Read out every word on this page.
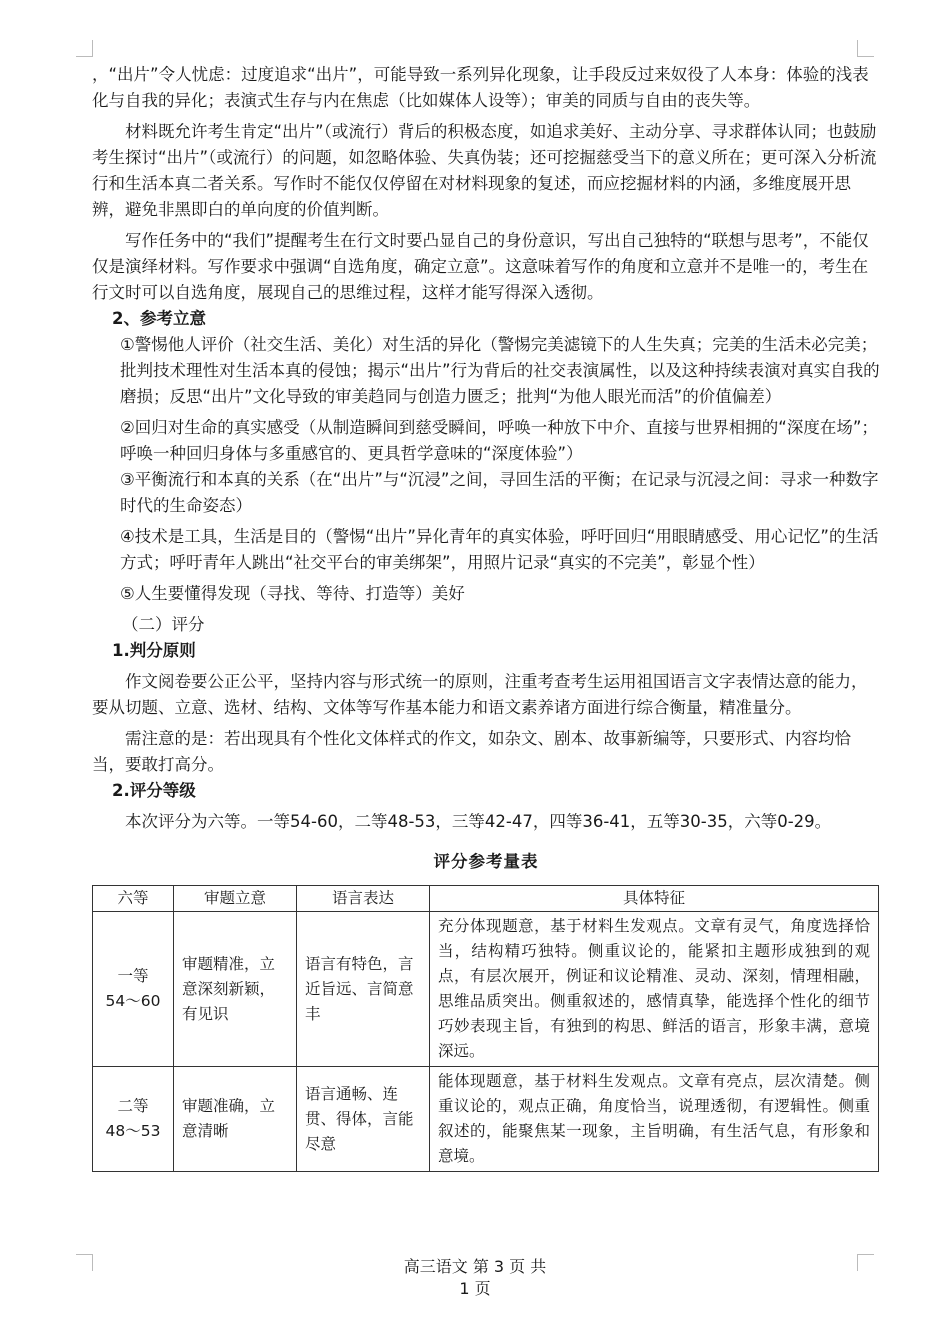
，“出片”令人忧虑：过度追求“出片”，可能导致一系列异化现象，让手段反过来奴役了人本身：体验的浅表化与自我的异化；表演式生存与内在焦虑（比如媒体人设等）；审美的同质与自由的丧失等。

材料既允许考生肯定“出片”（或流行）背后的积极态度，如追求美好、主动分享、寻求群体认同；也鼓励考生探讨“出片”（或流行）的问题，如忽略体验、失真伪装；还可挖掘慈受当下的意义所在；更可深入分析流行和生活本真二者关系。写作时不能仅仅停留在对材料现象的复述，而应挖掘材料的内涵，多维度展开思辨，避免非黑即白的单向度的价值判断。

写作任务中的“我们”提醒考生在行文时要凸显自己的身份意识，写出自己独特的“联想与思考”，不能仅仅是演绎材料。写作要求中强调“自选角度，确定立意”。这意味着写作的角度和立意并不是唯一的，考生在行文时可以自选角度，展现自己的思维过程，这样才能写得深入透彻。

2、参考立意

①警惕他人评价（社交生活、美化）对生活的异化（警惕完美滤镜下的人生失真；完美的生活未必完美；批判技术理性对生活本真的侵蚀；揭示“出片”行为背后的社交表演属性，以及这种持续表演对真实自我的磨损；反思“出片”文化导致的审美趋同与创造力匮乏；批判“为他人眼光而活”的价值偏差）

②回归对生命的真实感受（从制造瞬间到慈受瞬间，呼唤一种放下中介、直接与世界相拥的“深度在场”；呼唤一种回归身体与多重感官的、更具哲学意味的“深度体验”）

③平衡流行和本真的关系（在“出片”与“沉浸”之间，寻回生活的平衡；在记录与沉浸之间：寻求一种数字时代的生命姿态）

④技术是工具，生活是目的（警惕“出片”异化青年的真实体验，呼吁回归“用眼睛感受、用心记忆”的生活方式；呼吁青年人跳出“社交平台的审美绑架”，用照片记录“真实的不完美”，彰显个性）

⑤人生要懂得发现（寻找、等待、打造等）美好

（二）评分

1.判分原则

作文阅卷要公正公平，坚持内容与形式统一的原则，注重考查考生运用祖国语言文字表情达意的能力，要从切题、立意、选材、结构、文体等写作基本能力和语文素养诸方面进行综合衡量，精准量分。

需注意的是：若出现具有个性化文体样式的作文，如杂文、剧本、故事新编等，只要形式、内容均恰当，要敢打高分。

2.评分等级

本次评分为六等。一等54-60，二等48-53，三等42-47，四等36-41，五等30-35，六等0-29。

评分参考量表

六等	审题立意	语言表达	具体特征

一等
54～60	审题精准，立意深刻新颖，有见识	语言有特色，言近旨远、言简意丰	充分体现题意，基于材料生发观点。文章有灵气，角度选择恰当，结构精巧独特。侧重议论的，能紧扣主题形成独到的观点，有层次展开，例证和议论精准、灵动、深刻，情理相融，思维品质突出。侧重叙述的，感情真挚，能选择个性化的细节巧妙表现主旨，有独到的构思、鲜活的语言，形象丰满，意境深远。

二等
48～53	审题准确，立意清晰	语言通畅、连贯、得体，言能尽意	能体现题意，基于材料生发观点。文章有亮点，层次清楚。侧重议论的，观点正确，角度恰当，说理透彻，有逻辑性。侧重叙述的，能聚焦某一现象，主旨明确，有生活气息，有形象和意境。
高三语文 第 3 页 共
1 页
